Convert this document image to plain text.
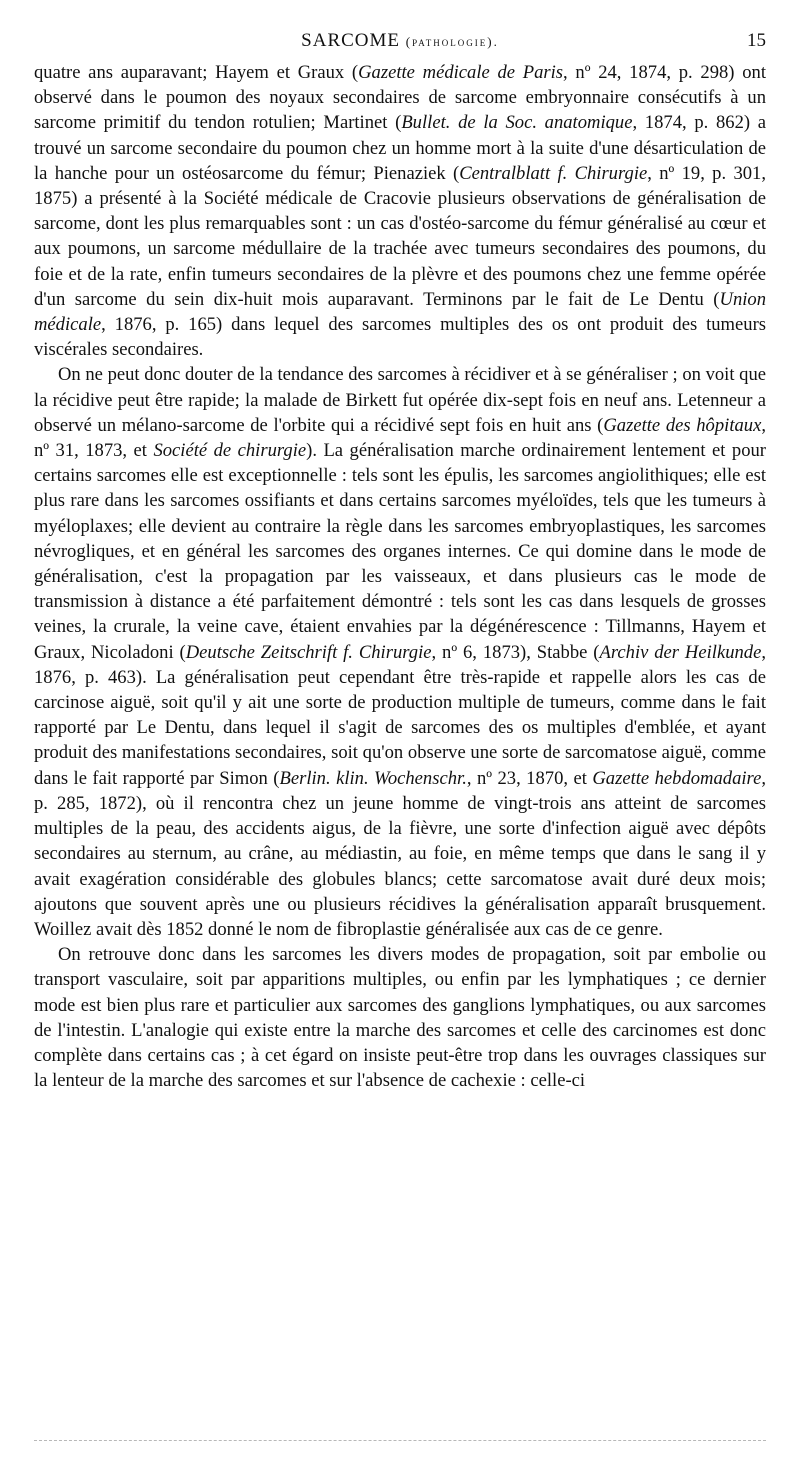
SARCOME (pathologie).	15

quatre ans auparavant; Hayem et Graux (Gazette médicale de Paris, nº 24, 1874, p. 298) ont observé dans le poumon des noyaux secondaires de sarcome embryonnaire consécutifs à un sarcome primitif du tendon rotulien; Martinet (Bullet. de la Soc. anatomique, 1874, p. 862) a trouvé un sarcome secondaire du poumon chez un homme mort à la suite d'une désarticulation de la hanche pour un ostéosarcome du fémur; Pienaziek (Centralblatt f. Chirurgie, nº 19, p. 301, 1875) a présenté à la Société médicale de Cracovie plusieurs observations de généralisation de sarcome, dont les plus remarquables sont : un cas d'ostéo-sarcome du fémur généralisé au cœur et aux poumons, un sarcome médullaire de la trachée avec tumeurs secondaires des poumons, du foie et de la rate, enfin tumeurs secondaires de la plèvre et des poumons chez une femme opérée d'un sarcome du sein dix-huit mois auparavant. Terminons par le fait de Le Dentu (Union médicale, 1876, p. 165) dans lequel des sarcomes multiples des os ont produit des tumeurs viscérales secondaires.

On ne peut donc douter de la tendance des sarcomes à récidiver et à se généraliser ; on voit que la récidive peut être rapide; la malade de Birkett fut opérée dix-sept fois en neuf ans. Letenneur a observé un mélano-sarcome de l'orbite qui a récidivé sept fois en huit ans (Gazette des hôpitaux, nº 31, 1873, et Société de chirurgie). La généralisation marche ordinairement lentement et pour certains sarcomes elle est exceptionnelle : tels sont les épulis, les sarcomes angiolithiques; elle est plus rare dans les sarcomes ossifiants et dans certains sarcomes myéloïdes, tels que les tumeurs à myéloplaxes; elle devient au contraire la règle dans les sarcomes embryoplastiques, les sarcomes névrogliques, et en général les sarcomes des organes internes. Ce qui domine dans le mode de généralisation, c'est la propagation par les vaisseaux, et dans plusieurs cas le mode de transmission à distance a été parfaitement démontré : tels sont les cas dans lesquels de grosses veines, la crurale, la veine cave, étaient envahies par la dégénérescence : Tillmanns, Hayem et Graux, Nicoladoni (Deutsche Zeitschrift f. Chirurgie, nº 6, 1873), Stabbe (Archiv der Heilkunde, 1876, p. 463). La généralisation peut cependant être très-rapide et rappelle alors les cas de carcinose aiguë, soit qu'il y ait une sorte de production multiple de tumeurs, comme dans le fait rapporté par Le Dentu, dans lequel il s'agit de sarcomes des os multiples d'emblée, et ayant produit des manifestations secondaires, soit qu'on observe une sorte de sarcomatose aiguë, comme dans le fait rapporté par Simon (Berlin. klin. Wochenschr., nº 23, 1870, et Gazette hebdomadaire, p. 285, 1872), où il rencontra chez un jeune homme de vingt-trois ans atteint de sarcomes multiples de la peau, des accidents aigus, de la fièvre, une sorte d'infection aiguë avec dépôts secondaires au sternum, au crâne, au médiastin, au foie, en même temps que dans le sang il y avait exagération considérable des globules blancs; cette sarcomatose avait duré deux mois; ajoutons que souvent après une ou plusieurs récidives la généralisation apparaît brusquement. Woillez avait dès 1852 donné le nom de fibroplastie généralisée aux cas de ce genre.

On retrouve donc dans les sarcomes les divers modes de propagation, soit par embolie ou transport vasculaire, soit par apparitions multiples, ou enfin par les lymphatiques ; ce dernier mode est bien plus rare et particulier aux sarcomes des ganglions lymphatiques, ou aux sarcomes de l'intestin. L'analogie qui existe entre la marche des sarcomes et celle des carcinomes est donc complète dans certains cas ; à cet égard on insiste peut-être trop dans les ouvrages classiques sur la lenteur de la marche des sarcomes et sur l'absence de cachexie : celle-ci
